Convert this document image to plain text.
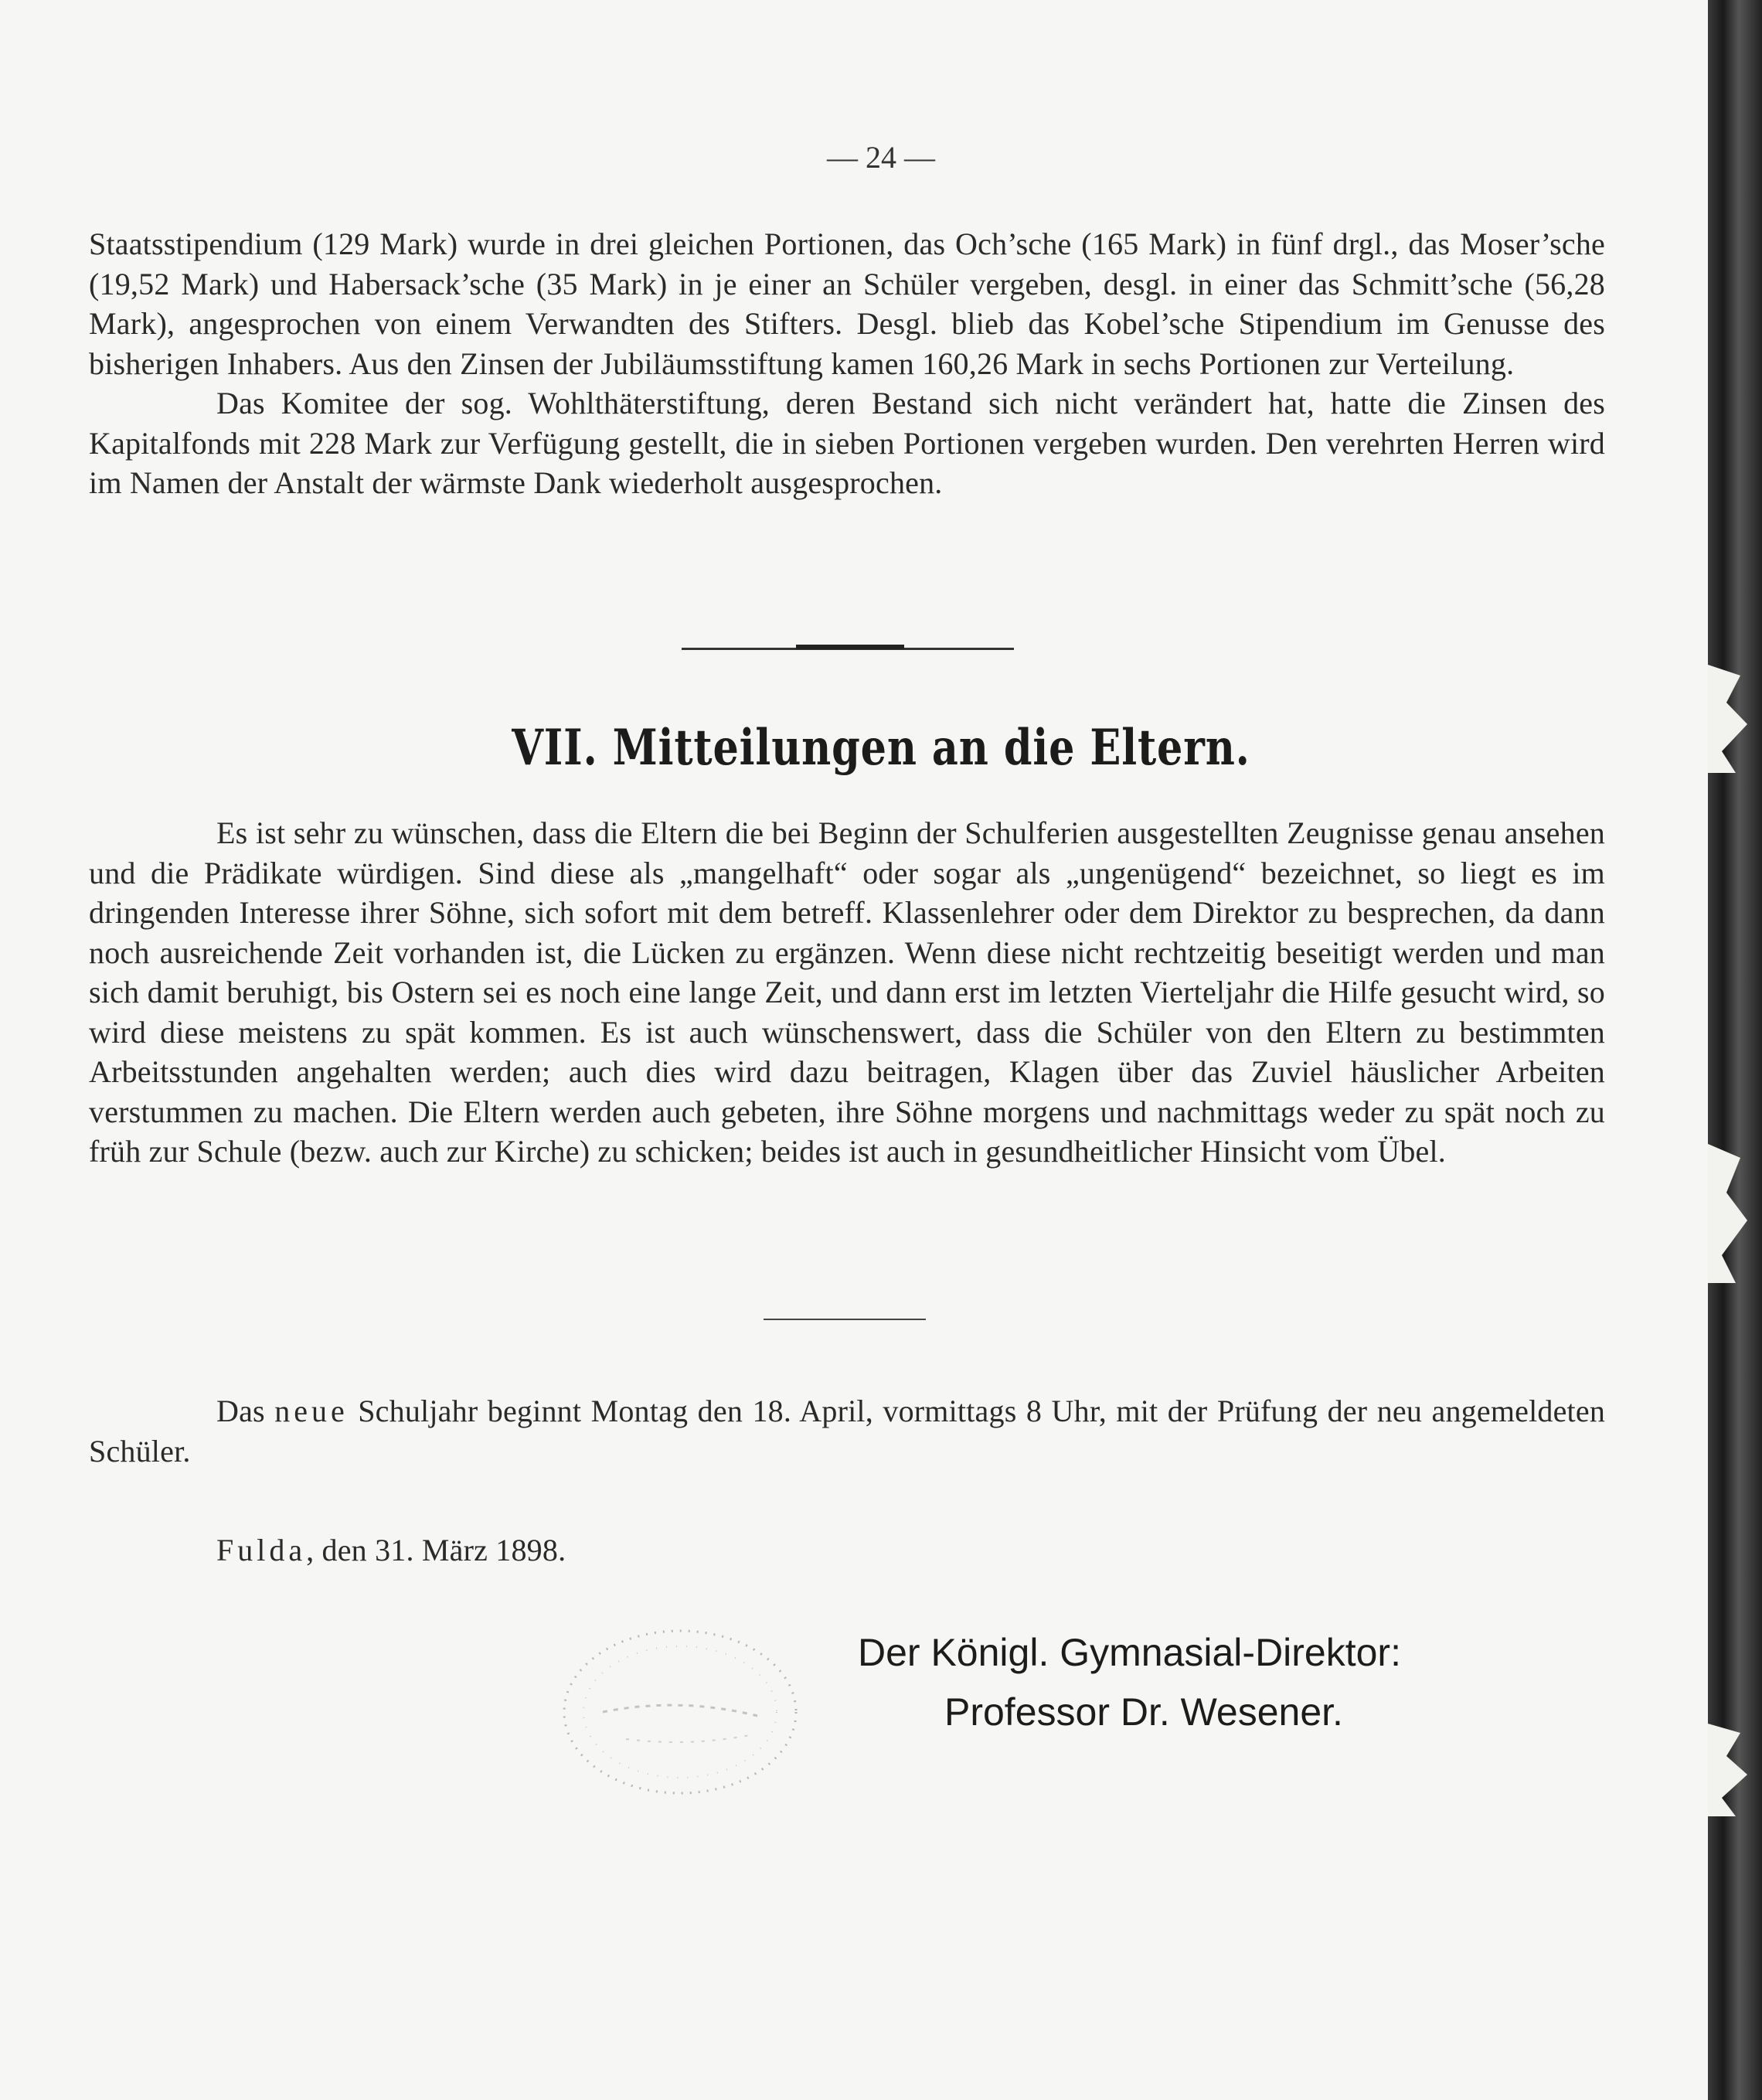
— 24 —

Staatsstipendium (129 Mark) wurde in drei gleichen Portionen, das Och’sche (165 Mark) in fünf drgl., das Moser’sche (19,52 Mark) und Habersack’sche (35 Mark) in je einer an Schüler vergeben, desgl. in einer das Schmitt’sche (56,28 Mark), angesprochen von einem Verwandten des Stifters. Desgl. blieb das Kobel’sche Stipendium im Genusse des bisherigen Inhabers. Aus den Zinsen der Jubiläumsstiftung kamen 160,26 Mark in sechs Portionen zur Verteilung.

Das Komitee der sog. Wohlthäterstiftung, deren Bestand sich nicht verändert hat, hatte die Zinsen des Kapitalfonds mit 228 Mark zur Verfügung gestellt, die in sieben Portionen vergeben wurden. Den verehrten Herren wird im Namen der Anstalt der wärmste Dank wiederholt ausgesprochen.

VII. Mitteilungen an die Eltern.

Es ist sehr zu wünschen, dass die Eltern die bei Beginn der Schulferien ausgestellten Zeugnisse genau ansehen und die Prädikate würdigen. Sind diese als „mangelhaft“ oder sogar als „ungenügend“ bezeichnet, so liegt es im dringenden Interesse ihrer Söhne, sich sofort mit dem betreff. Klassenlehrer oder dem Direktor zu besprechen, da dann noch ausreichende Zeit vorhanden ist, die Lücken zu ergänzen. Wenn diese nicht rechtzeitig beseitigt werden und man sich damit beruhigt, bis Ostern sei es noch eine lange Zeit, und dann erst im letzten Vierteljahr die Hilfe gesucht wird, so wird diese meistens zu spät kommen. Es ist auch wünschenswert, dass die Schüler von den Eltern zu bestimmten Arbeitsstunden angehalten werden; auch dies wird dazu beitragen, Klagen über das Zuviel häuslicher Arbeiten verstummen zu machen. Die Eltern werden auch gebeten, ihre Söhne morgens und nachmittags weder zu spät noch zu früh zur Schule (bezw. auch zur Kirche) zu schicken; beides ist auch in gesundheitlicher Hinsicht vom Übel.

Das neue Schuljahr beginnt Montag den 18. April, vormittags 8 Uhr, mit der Prüfung der neu angemeldeten Schüler.

Fulda, den 31. März 1898.

Der Königl. Gymnasial-Direktor:
Professor Dr. Wesener.
